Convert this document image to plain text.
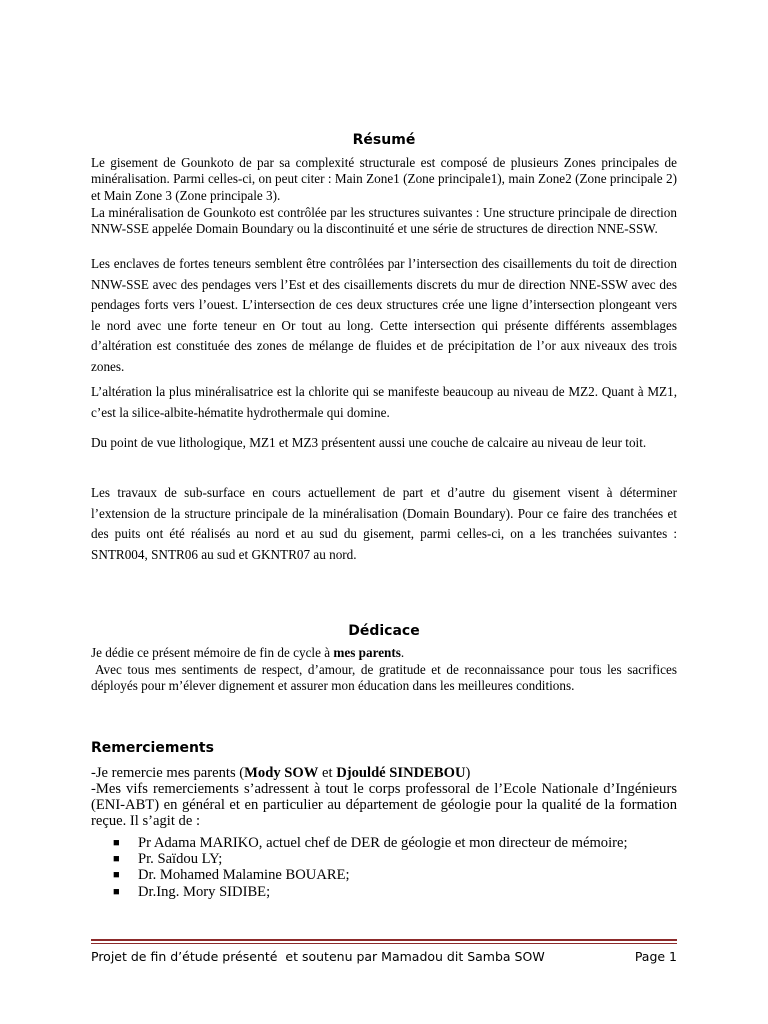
Résumé

Le gisement de Gounkoto de par sa complexité structurale est composé de plusieurs Zones principales de minéralisation. Parmi celles-ci, on peut citer : Main Zone1 (Zone principale1), main Zone2 (Zone principale 2) et Main Zone 3 (Zone principale 3).

La minéralisation de Gounkoto est contrôlée par les structures suivantes : Une structure principale de direction NNW-SSE appelée Domain Boundary ou la discontinuité et une série de structures de direction NNE-SSW.

Les enclaves de fortes teneurs semblent être contrôlées par l’intersection des cisaillements du toit de direction NNW-SSE avec des pendages vers l’Est et des cisaillements discrets du mur de direction NNE-SSW avec des pendages forts vers l’ouest. L’intersection de ces deux structures crée une ligne d’intersection plongeant vers le nord avec une forte teneur en Or tout au long. Cette intersection qui présente différents assemblages d’altération est constituée des zones de mélange de fluides et de précipitation de l’or aux niveaux des trois zones.

L’altération la plus minéralisatrice est la chlorite qui se manifeste beaucoup au niveau de MZ2. Quant à MZ1, c’est la silice-albite-hématite hydrothermale qui domine.

Du point de vue lithologique, MZ1 et MZ3 présentent aussi une couche de calcaire au niveau de leur toit.

Les travaux de sub-surface en cours actuellement de part et d’autre du gisement visent à déterminer l’extension de la structure principale de la minéralisation (Domain Boundary). Pour ce faire des tranchées et des puits ont été réalisés au nord et au sud du gisement, parmi celles-ci, on a les tranchées suivantes : SNTR004, SNTR06 au sud et GKNTR07 au nord.

Dédicace

Je dédie ce présent mémoire de fin de cycle à mes parents.

Avec tous mes sentiments de respect, d’amour, de gratitude et de reconnaissance pour tous les sacrifices déployés pour m’élever dignement et assurer mon éducation dans les meilleures conditions.

Remerciements

-Je remercie mes parents (Mody SOW et Djouldé SINDEBOU)

-Mes vifs remerciements s’adressent à tout le corps professoral de l’Ecole Nationale d’Ingénieurs (ENI-ABT) en général et en particulier au département de géologie pour la qualité de la formation reçue. Il s’agit de :

■ Pr Adama MARIKO, actuel chef de DER de géologie et mon directeur de mémoire;
■ Pr. Saïdou LY;
■ Dr. Mohamed Malamine BOUARE;
■ Dr.Ing. Mory SIDIBE;
Projet de fin d’étude présenté  et soutenu par Mamadou dit Samba SOW	Page 1
